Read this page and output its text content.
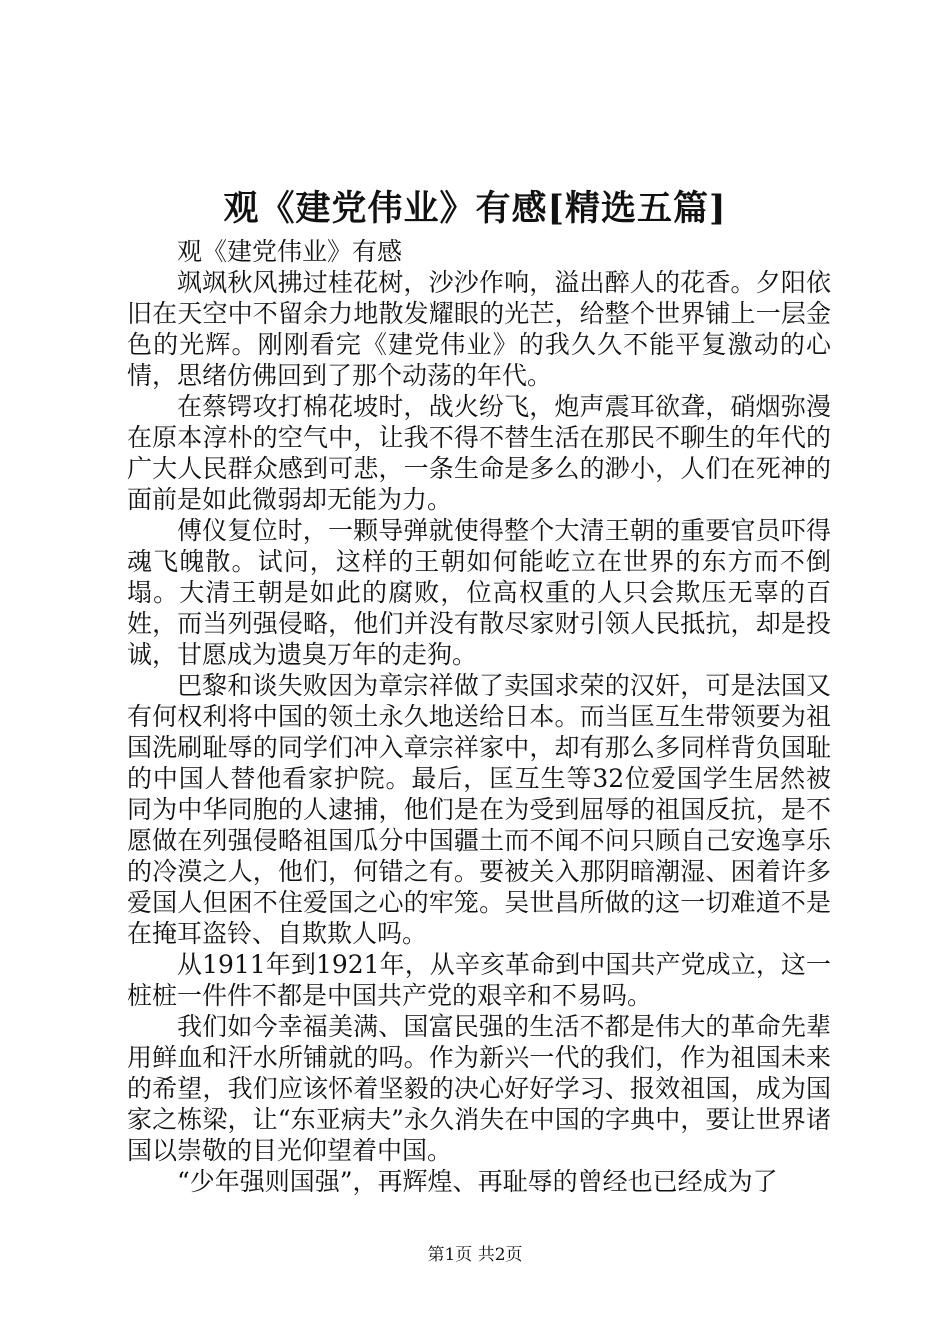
观《建党伟业》有感[精选五篇]

观《建党伟业》有感

飒飒秋风拂过桂花树，沙沙作响，溢出醉人的花香。夕阳依旧在天空中不留余力地散发耀眼的光芒，给整个世界铺上一层金色的光辉。刚刚看完《建党伟业》的我久久不能平复激动的心情，思绪仿佛回到了那个动荡的年代。

在蔡锷攻打棉花坡时，战火纷飞，炮声震耳欲聋，硝烟弥漫在原本淳朴的空气中，让我不得不替生活在那民不聊生的年代的广大人民群众感到可悲，一条生命是多么的渺小，人们在死神的面前是如此微弱却无能为力。

傅仪复位时，一颗导弹就使得整个大清王朝的重要官员吓得魂飞魄散。试问，这样的王朝如何能屹立在世界的东方而不倒塌。大清王朝是如此的腐败，位高权重的人只会欺压无辜的百姓，而当列强侵略，他们并没有散尽家财引领人民抵抗，却是投诚，甘愿成为遗臭万年的走狗。

巴黎和谈失败因为章宗祥做了卖国求荣的汉奸，可是法国又有何权利将中国的领土永久地送给日本。而当匡互生带领要为祖国洗刷耻辱的同学们冲入章宗祥家中，却有那么多同样背负国耻的中国人替他看家护院。最后，匡互生等32位爱国学生居然被同为中华同胞的人逮捕，他们是在为受到屈辱的祖国反抗，是不愿做在列强侵略祖国瓜分中国疆土而不闻不问只顾自己安逸享乐的冷漠之人，他们，何错之有。要被关入那阴暗潮湿、困着许多爱国人但困不住爱国之心的牢笼。吴世昌所做的这一切难道不是在掩耳盗铃、自欺欺人吗。

从1911年到1921年，从辛亥革命到中国共产党成立，这一桩桩一件件不都是中国共产党的艰辛和不易吗。

我们如今幸福美满、国富民强的生活不都是伟大的革命先辈用鲜血和汗水所铺就的吗。作为新兴一代的我们，作为祖国未来的希望，我们应该怀着坚毅的决心好好学习、报效祖国，成为国家之栋梁，让“东亚病夫”永久消失在中国的字典中，要让世界诸国以崇敬的目光仰望着中国。

“少年强则国强”，再辉煌、再耻辱的曾经也已经成为了

第1页 共2页
